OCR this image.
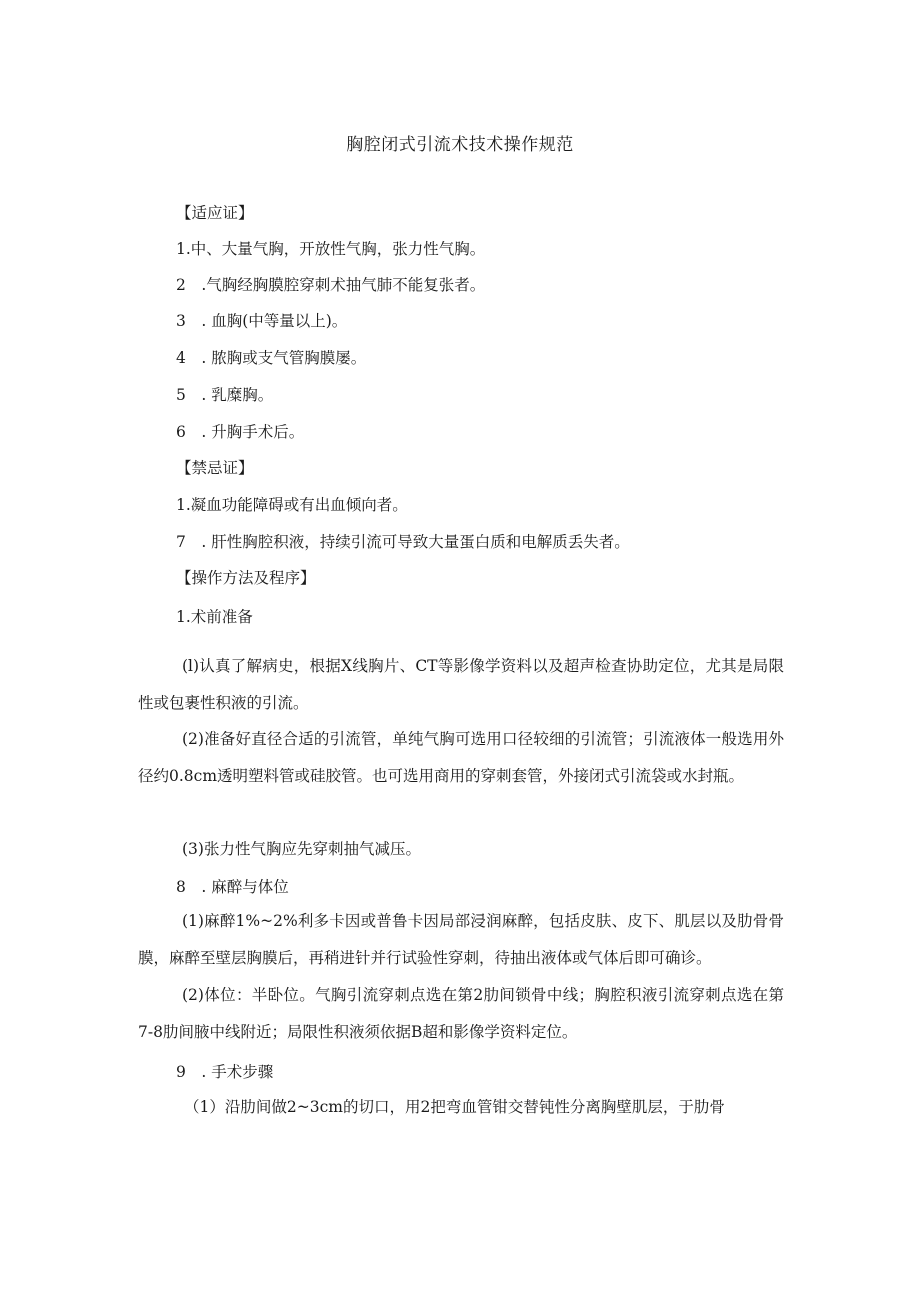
胸腔闭式引流术技术操作规范
【适应证】
1.中、大量气胸，开放性气胸，张力性气胸。
2　.气胸经胸膜腔穿刺术抽气肺不能复张者。
3　. 血胸(中等量以上)。
4　. 脓胸或支气管胸膜屡。
5　. 乳糜胸。
6　. 升胸手术后。
【禁忌证】
1.凝血功能障碍或有出血倾向者。
7　. 肝性胸腔积液，持续引流可导致大量蛋白质和电解质丢失者。
【操作方法及程序】
1.术前准备
(l)认真了解病史，根据X线胸片、CT等影像学资料以及超声检查协助定位，尤其是局限性或包裹性积液的引流。
(2)准备好直径合适的引流管，单纯气胸可选用口径较细的引流管；引流液体一般选用外径约0.8cm透明塑料管或硅胶管。也可选用商用的穿刺套管，外接闭式引流袋或水封瓶。
(3)张力性气胸应先穿刺抽气减压。
8　. 麻醉与体位
(1)麻醉1%~2%利多卡因或普鲁卡因局部浸润麻醉，包括皮肤、皮下、肌层以及肋骨骨膜，麻醉至壁层胸膜后，再稍进针并行试验性穿刺，待抽出液体或气体后即可确诊。
(2)体位：半卧位。气胸引流穿刺点选在第2肋间锁骨中线；胸腔积液引流穿刺点选在第7-8肋间腋中线附近；局限性积液须依据B超和影像学资料定位。
9　. 手术步骤
（1）沿肋间做2~3cm的切口，用2把弯血管钳交替钝性分离胸壁肌层，于肋骨
